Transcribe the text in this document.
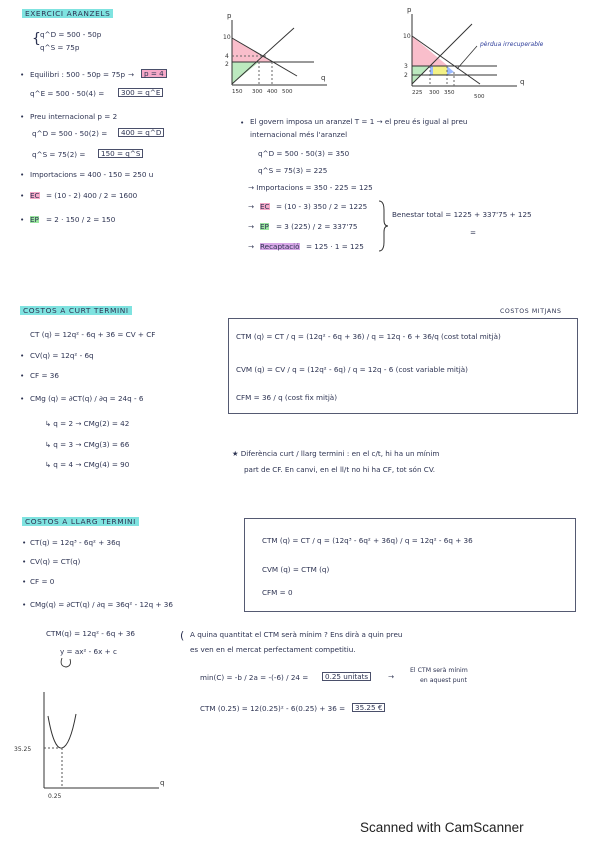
EXERCICI ARANZELS
{ q^D = 500 - 50p
q^S = 75p
• Equilibri : 500 - 50p = 75p →	p = 4
q^E = 500 - 50(4) =	300 = q^E
• Preu internacional p = 2
q^D = 500 - 50(2) =	400 = q^D
q^S = 75(2) =	150 = q^S
• Importacions = 400 - 150 = 250 u
• EC = (10 - 2) 400 / 2 = 1600
• EP = 2 · 150 / 2 = 150
10
4
2
150 300 400 500
q
p
10
3
2
225 300 350
500
q
p
pèrdua irrecuperable
• El govern imposa un aranzel T = 1 → el preu és igual al preu
internacional més l'aranzel
q^D = 500 - 50(3) = 350
q^S = 75(3) = 225
→ Importacions = 350 - 225 = 125
→ EC = (10 - 3) 350 / 2 = 1225
→ EP = 3 (225) / 2 = 337'75
→ Recaptació = 125 · 1 = 125
Benestar total = 1225 + 337'75 + 125
=
COSTOS A CURT TERMINI	COSTOS MITJANS
CT (q) = 12q² - 6q + 36 = CV + CF
• CV(q) = 12q² - 6q
• CF = 36
• CMg (q) = ∂CT(q) / ∂q = 24q - 6
↳ q = 2 → CMg(2) = 42
↳ q = 3 → CMg(3) = 66
↳ q = 4 → CMg(4) = 90
CTM (q) = CT / q = (12q² - 6q + 36) / q = 12q - 6 + 36/q (cost total mitjà)
CVM (q) = CV / q = (12q² - 6q) / q = 12q - 6 (cost variable mitjà)
CFM = 36 / q (cost fix mitjà)
★ Diferència curt / llarg termini : en el c/t, hi ha un mínim
part de CF. En canvi, en el ll/t no hi ha CF, tot són CV.
COSTOS A LLARG TERMINI
• CT(q) = 12q³ - 6q² + 36q
• CV(q) = CT(q)
• CF = 0
• CMg(q) = ∂CT(q) / ∂q = 36q² - 12q + 36
CTM (q) = CT / q = (12q³ - 6q² + 36q) / q = 12q² - 6q + 36
CVM (q) = CTM (q)
CFM = 0
CTM(q) = 12q² - 6q + 36
y = ax² - 6x + c
( A quina quantitat el CTM serà mínim ? Ens dirà a quin preu
es ven en el mercat perfectament competitiu.
min(C) = -b / 2a = -(-6) / 24 =	0.25 unitats	→
El CTM serà mínim
en aquest punt
CTM (0.25) = 12(0.25)² - 6(0.25) + 36 =	35.25 €
35.25
0.25
q
Scanned with CamScanner
